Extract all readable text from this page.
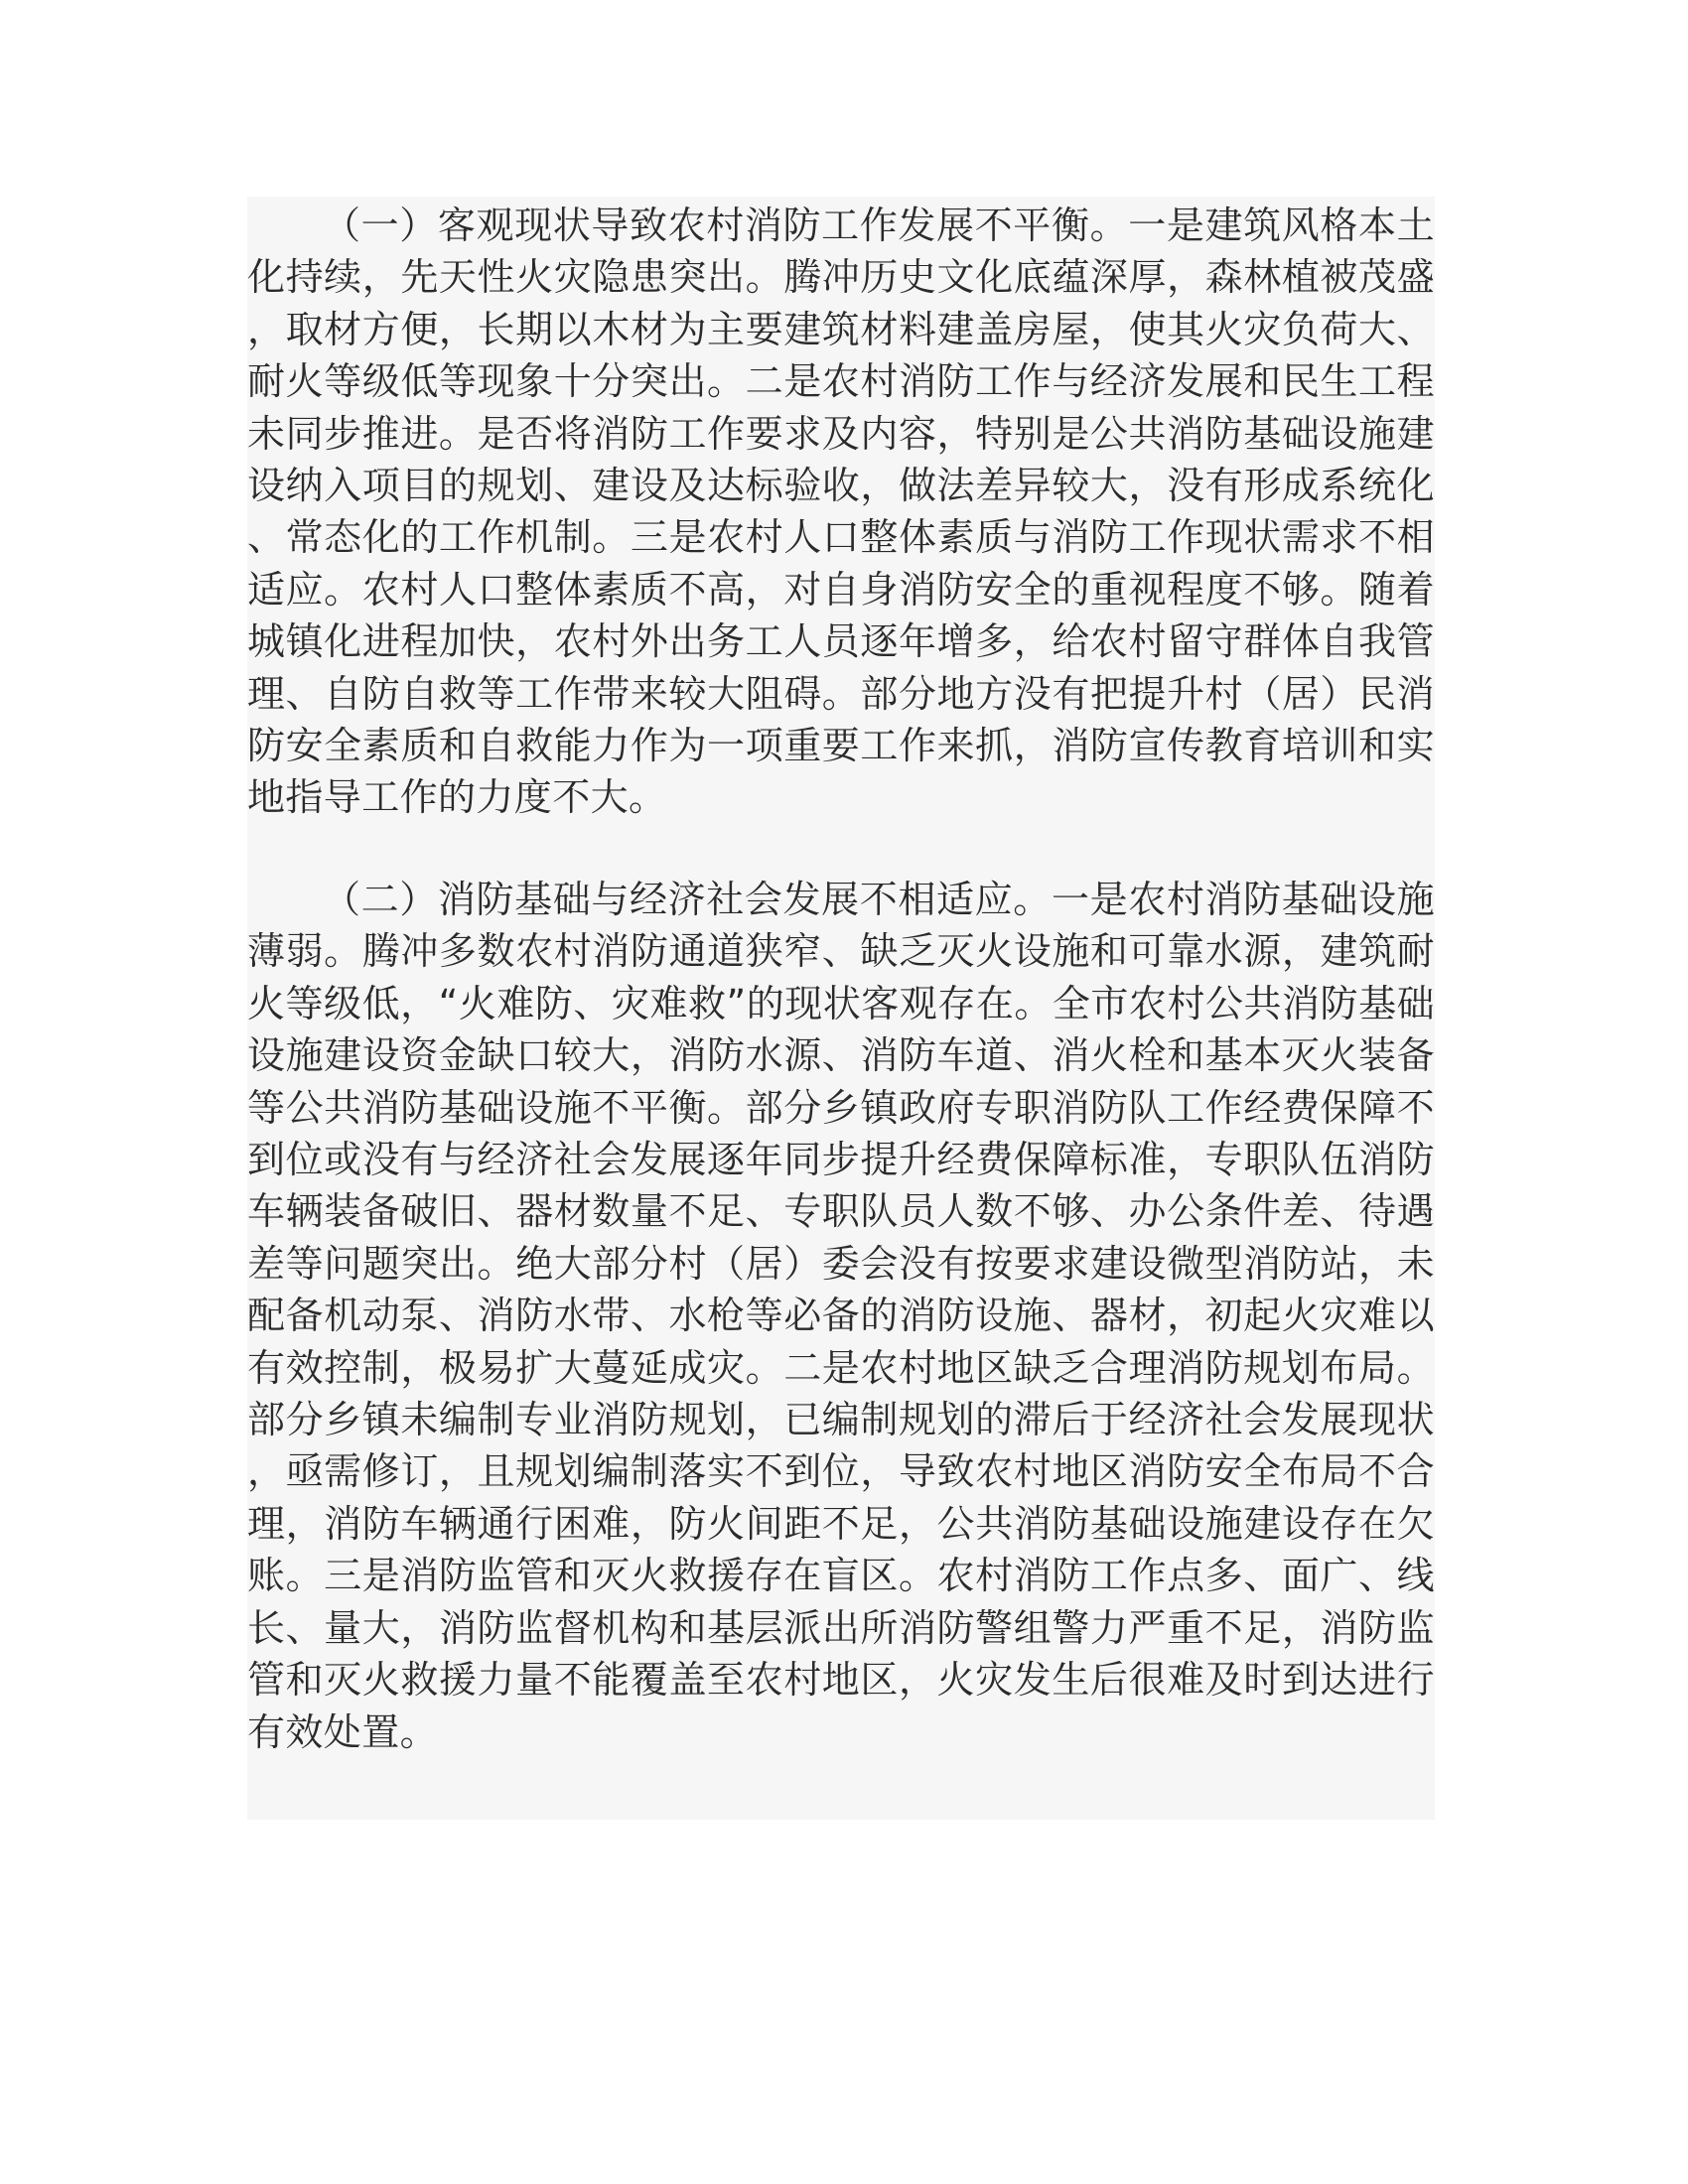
（一）客观现状导致农村消防工作发展不平衡。一是建筑风格本土化持续，先天性火灾隐患突出。腾冲历史文化底蕴深厚，森林植被茂盛，取材方便，长期以木材为主要建筑材料建盖房屋，使其火灾负荷大、耐火等级低等现象十分突出。二是农村消防工作与经济发展和民生工程未同步推进。是否将消防工作要求及内容，特别是公共消防基础设施建设纳入项目的规划、建设及达标验收，做法差异较大，没有形成系统化、常态化的工作机制。三是农村人口整体素质与消防工作现状需求不相适应。农村人口整体素质不高，对自身消防安全的重视程度不够。随着城镇化进程加快，农村外出务工人员逐年增多，给农村留守群体自我管理、自防自救等工作带来较大阻碍。部分地方没有把提升村（居）民消防安全素质和自救能力作为一项重要工作来抓，消防宣传教育培训和实地指导工作的力度不大。

（二）消防基础与经济社会发展不相适应。一是农村消防基础设施薄弱。腾冲多数农村消防通道狭窄、缺乏灭火设施和可靠水源，建筑耐火等级低，“火难防、灾难救”的现状客观存在。全市农村公共消防基础设施建设资金缺口较大，消防水源、消防车道、消火栓和基本灭火装备等公共消防基础设施不平衡。部分乡镇政府专职消防队工作经费保障不到位或没有与经济社会发展逐年同步提升经费保障标准，专职队伍消防车辆装备破旧、器材数量不足、专职队员人数不够、办公条件差、待遇差等问题突出。绝大部分村（居）委会没有按要求建设微型消防站，未配备机动泵、消防水带、水枪等必备的消防设施、器材，初起火灾难以有效控制，极易扩大蔓延成灾。二是农村地区缺乏合理消防规划布局。部分乡镇未编制专业消防规划，已编制规划的滞后于经济社会发展现状，亟需修订，且规划编制落实不到位，导致农村地区消防安全布局不合理，消防车辆通行困难，防火间距不足，公共消防基础设施建设存在欠账。三是消防监管和灭火救援存在盲区。农村消防工作点多、面广、线长、量大，消防监督机构和基层派出所消防警组警力严重不足，消防监管和灭火救援力量不能覆盖至农村地区，火灾发生后很难及时到达进行有效处置。
